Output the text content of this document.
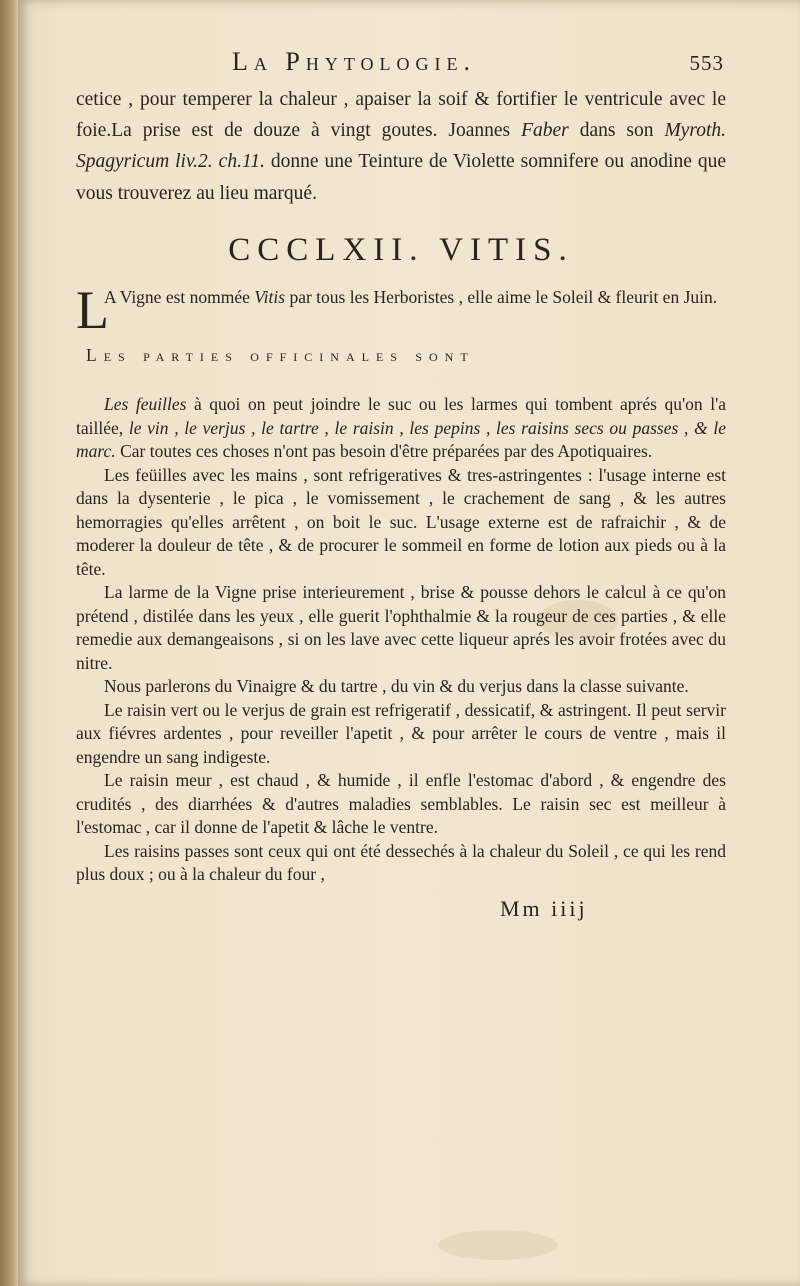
La Phytologie.	553

cetice , pour temperer la chaleur , apaiser la soif & fortifier le ventricule avec le foie.La prise est de douze à vingt goutes. Joannes Faber dans son Myroth. Spagyricum liv.2. ch.11. donne une Teinture de Violette somnifere ou anodine que vous trouverez au lieu marqué.

CCCLXII. VITIS.
L
A Vigne est nommée Vitis par tous les Herboristes , elle aime le Soleil & fleurit en Juin.
Les parties officinales sont

Les feuilles à quoi on peut joindre le suc ou les larmes qui tombent aprés qu'on l'a taillée, le vin , le verjus , le tartre , le raisin , les pepins , les raisins secs ou passes , & le marc. Car toutes ces choses n'ont pas besoin d'être préparées par des Apotiquaires.

Les feüilles avec les mains , sont refrigeratives & tres-astringentes : l'usage interne est dans la dysenterie , le pica , le vomissement , le crachement de sang , & les autres hemorragies qu'elles arrêtent , on boit le suc. L'usage externe est de rafraichir , & de moderer la douleur de tête , & de procurer le sommeil en forme de lotion aux pieds ou à la tête.

La larme de la Vigne prise interieurement , brise & pousse dehors le calcul à ce qu'on prétend , distilée dans les yeux , elle guerit l'ophthalmie & la rougeur de ces parties , & elle remedie aux demangeaisons , si on les lave avec cette liqueur aprés les avoir frotées avec du nitre.

Nous parlerons du Vinaigre & du tartre , du vin & du verjus dans la classe suivante.

Le raisin vert ou le verjus de grain est refrigeratif , dessicatif, & astringent. Il peut servir aux fiévres ardentes , pour reveiller l'apetit , & pour arrêter le cours de ventre , mais il engendre un sang indigeste.

Le raisin meur , est chaud , & humide , il enfle l'estomac d'abord , & engendre des crudités , des diarrhées & d'autres maladies semblables. Le raisin sec est meilleur à l'estomac , car il donne de l'apetit & lâche le ventre.

Les raisins passes sont ceux qui ont été dessechés à la chaleur du Soleil , ce qui les rend plus doux ; ou à la chaleur du four ,

Mm iiij
